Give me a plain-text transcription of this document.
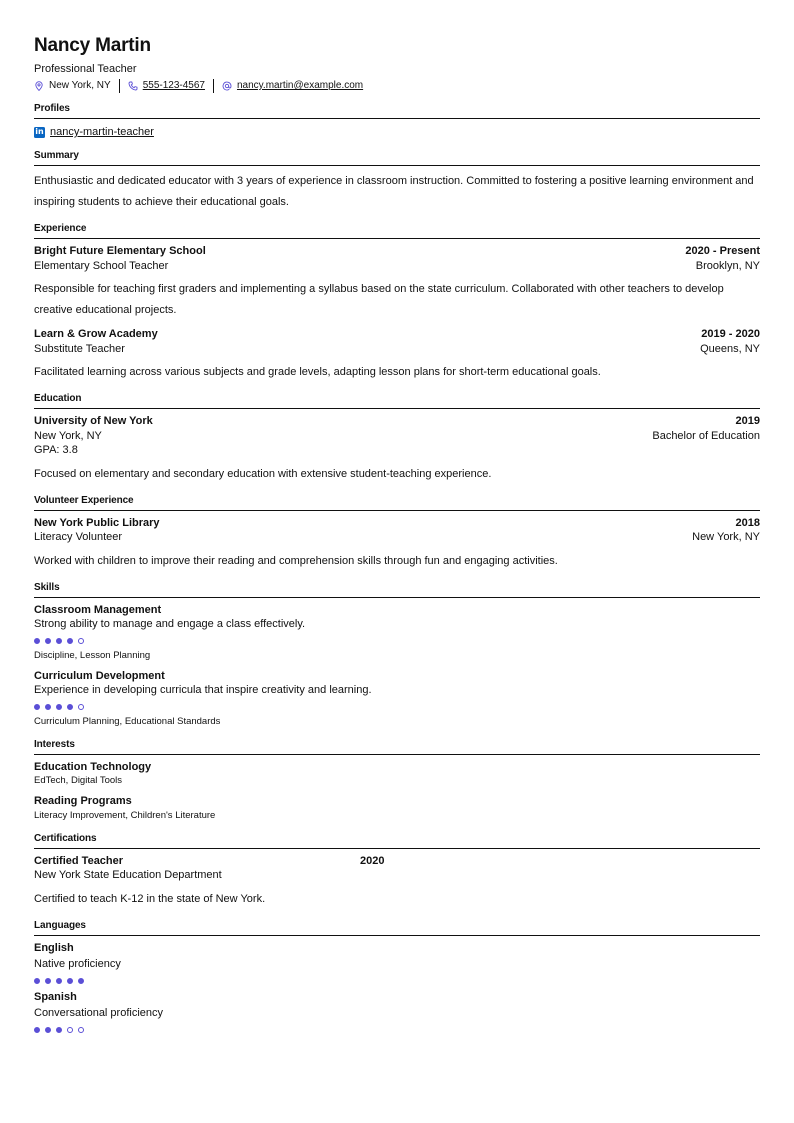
Nancy Martin
Professional Teacher
New York, NY	555-123-4567	nancy.martin@example.com
Profiles
in nancy-martin-teacher
Summary

Enthusiastic and dedicated educator with 3 years of experience in classroom instruction. Committed to fostering a positive learning environment and inspiring students to achieve their educational goals.

Experience
Bright Future Elementary School	2020 - Present
Elementary School Teacher	Brooklyn, NY

Responsible for teaching first graders and implementing a syllabus based on the state curriculum. Collaborated with other teachers to develop creative educational projects.

Learn & Grow Academy	2019 - 2020
Substitute Teacher	Queens, NY

Facilitated learning across various subjects and grade levels, adapting lesson plans for short-term educational goals.

Education
University of New York	2019
New York, NY	Bachelor of Education
GPA: 3.8

Focused on elementary and secondary education with extensive student-teaching experience.

Volunteer Experience
New York Public Library	2018
Literacy Volunteer	New York, NY

Worked with children to improve their reading and comprehension skills through fun and engaging activities.

Skills
Classroom Management
Strong ability to manage and engage a class effectively.
Discipline, Lesson Planning
Curriculum Development
Experience in developing curricula that inspire creativity and learning.
Curriculum Planning, Educational Standards
Interests
Education Technology
EdTech, Digital Tools
Reading Programs
Literacy Improvement, Children's Literature
Certifications
Certified Teacher	2020
New York State Education Department

Certified to teach K-12 in the state of New York.

Languages
English
Native proficiency
Spanish
Conversational proficiency
